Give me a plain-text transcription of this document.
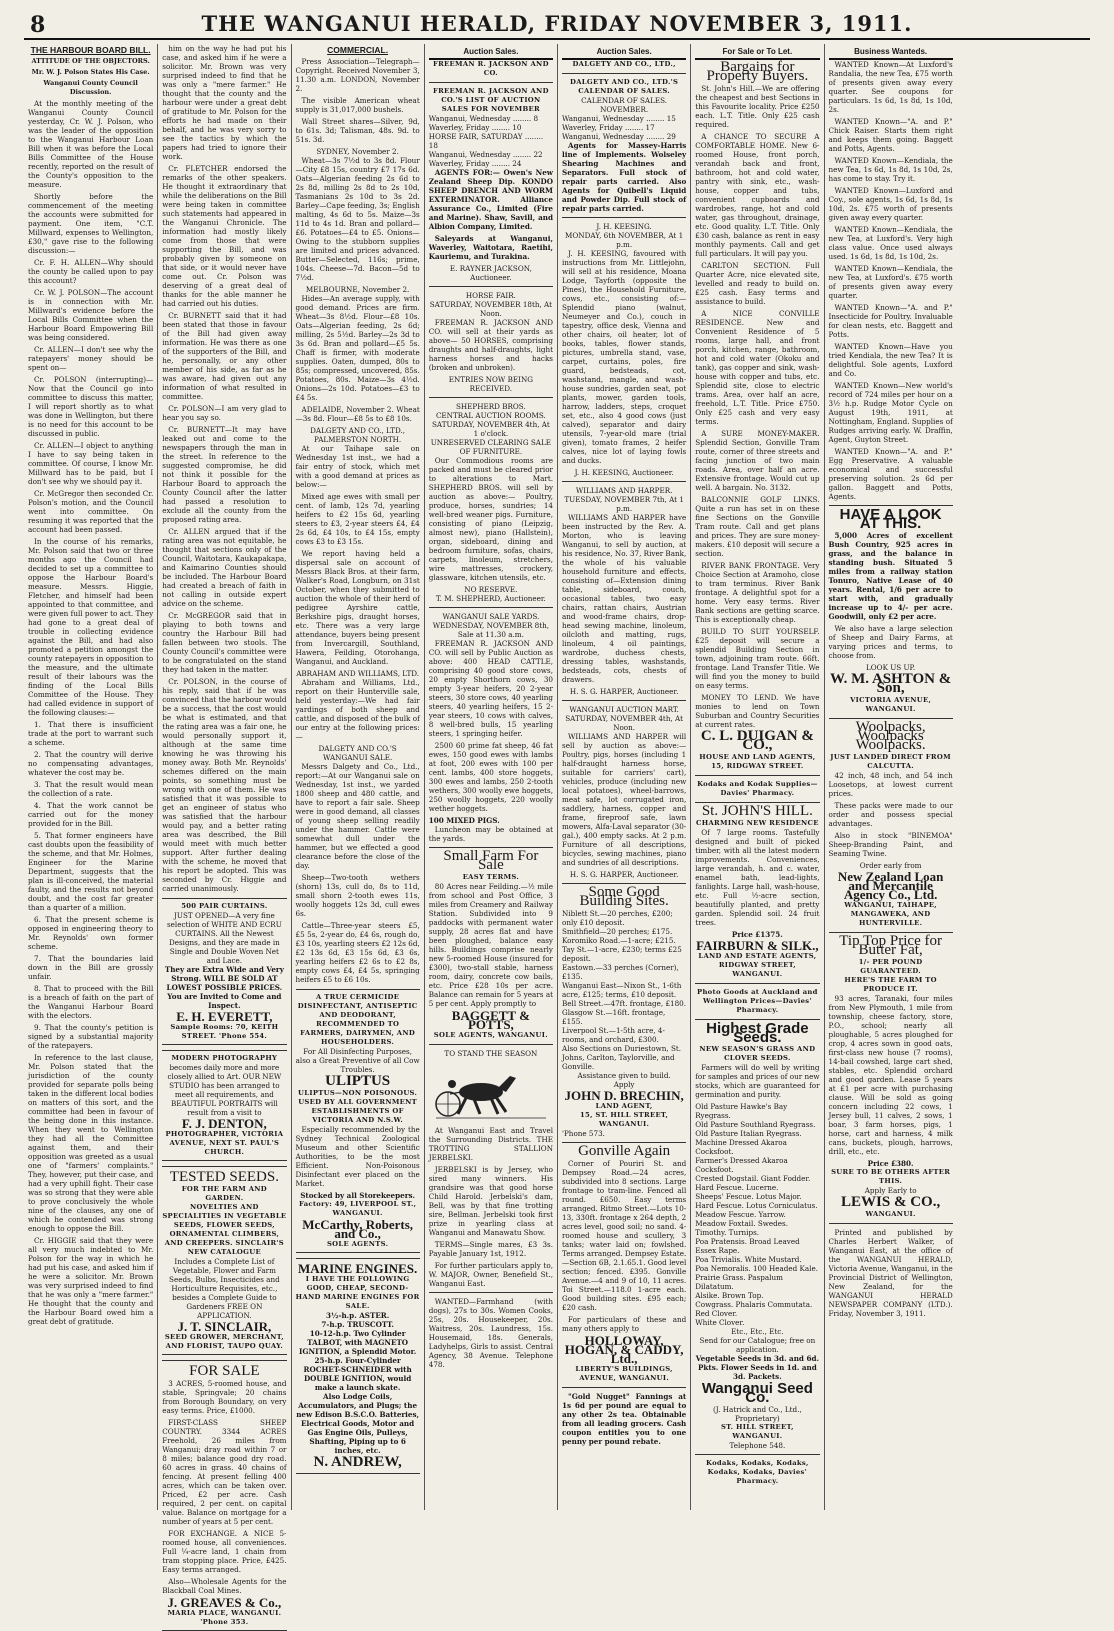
8	THE WANGANUI HERALD, FRIDAY NOVEMBER 3, 1911.
THE HARBOUR BOARD BILL.
ATTITUDE OF THE OBJECTORS.
Mr. W. J. Polson States His Case.
Wanganui County Council Discussion.

At the monthly meeting of the Wanganui County Council yesterday, Cr. W. J. Polson, who was the leader of the opposition to the Wanganui Harbour Loan Bill when it was before the Local Bills Committee of the House recently, reported on the result of the County's opposition to the measure.

Shortly before the commencement of the meeting the accounts were submitted for payment. One item, "C.T. Millward, expenses to Wellington, £30," gave rise to the following discussion:—

Cr. F. H. ALLEN—Why should the county be called upon to pay this account?

Cr. W. J. POLSON—The account is in connection with Mr. Millward's evidence before the Local Bills Committee when the Harbour Board Empowering Bill was being considered.

Cr. ALLEN—I don't see why the ratepayers' money should be spent on—

Cr. POLSON (interrupting)—Now that the Council go into committee to discuss this matter, I will report shortly as to what was done in Wellington, but there is no need for this account to be discussed in public.

Cr. ALLEN—I object to anything I have to say being taken in committee. Of course, I know Mr. Millward has to be paid, but I don't see why we should pay it.

Cr. McGregor then seconded Cr. Polson's motion, and the Council went into committee. On resuming it was reported that the account had been passed.

In the course of his remarks, Mr. Polson said that two or three months ago the Council had decided to set up a committee to oppose the Harbour Board's measure. Messrs. Higgie, Fletcher, and himself had been appointed to that committee, and were given full power to act. They had gone to a great deal of trouble in collecting evidence against the Bill, and had also promoted a petition amongst the county ratepayers in opposition to the measure, and the ultimate result of their labours was the finding of the Local Bills Committee of the House. They had called evidence in support of the following clauses:—

1. That there is insufficient trade at the port to warrant such a scheme.

2. That the country will derive no compensating advantages, whatever the cost may be.

3. That the result would mean the collection of a rate.

4. That the work cannot be carried out for the money provided for in the Bill.

5. That former engineers have cast doubts upon the feasibility of the scheme, and that Mr. Holmes, Engineer for the Marine Department, suggests that the plan is ill-conceived, the material faulty, and the results not beyond doubt, and the cost far greater than a quarter of a million.

6. That the present scheme is opposed in engineering theory to Mr. Reynolds' own former scheme.

7. That the boundaries laid down in the Bill are grossly unfair.

8. That to proceed with the Bill is a breach of faith on the part of the Wanganui Harbour Board with the electors.

9. That the county's petition is signed by a substantial majority of the ratepayers.

In reference to the last clause, Mr. Polson stated that the jurisdiction of the county provided for separate polls being taken in the different local bodies on matters of this sort, and the committee had been in favour of the being done in this instance. When they went to Wellington they had all the Committee against them, and their opposition was greeted as a usual one of "farmers' complaints." They, however, put their case, and had a very uphill fight. Their case was so strong that they were able to prove conclusively the whole nine of the clauses, any one of which he contended was strong enough to oppose the Bill.

Cr. HIGGIE said that they were all very much indebted to Mr. Polson for the way in which he had put his case, and asked him if he were a solicitor. Mr. Brown was very surprised indeed to find that he was only a "mere farmer." He thought that the county and the Harbour Board owed him a great debt of gratitude.

him on the way he had put his case, and asked him if he were a solicitor. Mr. Brown was very surprised indeed to find that he was only a "mere farmer." He thought that the county and the harbour were under a great debt of gratitude to Mr. Polson for the efforts he had made on their behalf, and he was very sorry to see the tactics by which the papers had tried to ignore their work.

Cr. FLETCHER endorsed the remarks of the other speakers. He thought it extraordinary that while the deliberations on the Bill were being taken in committee such statements had appeared in the Wanganui Chronicle. The information had mostly likely come from those that were supporting the Bill, and was probably given by someone on that side, or it would never have come out. Cr. Polson was deserving of a great deal of thanks for the able manner he had carried out his duties.

Cr. BURNETT said that it had been stated that those in favour of the Bill had given away information. He was there as one of the supporters of the Bill, and he, personally, or any other member of his side, as far as he was aware, had given out any information of what resulted in committee.

Cr. POLSON—I am very glad to hear you say so.

Cr. BURNETT—It may have leaked out and come to the newspapers through the man in the street. In reference to the suggested compromise, he did not think it possible for the Harbour Board to approach the County Council after the latter had passed a resolution to exclude all the county from the proposed rating area.

Cr. ALLEN argued that if the rating area was not equitable, he thought that sections only of the Council, Waitotara, Kaukapakapa, and Kaimarino Counties should be included. The Harbour Board had created a breach of faith in not calling in outside expert advice on the scheme.

Cr. McGREGOR said that in playing to both towns and country the Harbour Bill had fallen between two stools. The County Council's committee were to be congratulated on the stand they had taken in the matter.

Cr. POLSON, in the course of his reply, said that if he was convinced that the harbour would be a success, that the cost would be what is estimated, and that the rating area was a fair one, he would personally support it, although at the same time knowing he was throwing his money away. Both Mr. Reynolds' schemes differed on the main points, so something must be wrong with one of them. He was satisfied that it was possible to get an engineer of status who was satisfied that the harbour would pay, and a better rating area was described, the Bill would meet with much better support. After further dealing with the scheme, he moved that his report be adopted. This was seconded by Cr. Higgie and carried unanimously.

500 PAIR CURTAINS.
JUST OPENED—A very fine selection of WHITE AND ECRU CURTAINS. All the Newest Designs, and they are made in Single and Double Woven Net and Lace.
They are Extra Wide and Very Strong. WILL BE SOLD AT LOWEST POSSIBLE PRICES. You are Invited to Come and Inspect.
E. H. EVERETT,
Sample Rooms: 70, KEITH STREET. 'Phone 554.
MODERN PHOTOGRAPHY
becomes daily more and more closely allied to Art. OUR NEW STUDIO has been arranged to meet all requirements, and BEAUTIFUL PORTRAITS will result from a visit to
F. J. DENTON,
PHOTOGRAPHER, VICTORIA AVENUE, NEXT ST. PAUL'S CHURCH.
TESTED SEEDS.
FOR THE FARM AND GARDEN.
NOVELTIES AND SPECIALITIES IN VEGETABLE SEEDS, FLOWER SEEDS, ORNAMENTAL CLIMBERS, AND CREEPERS. SINCLAIR'S NEW CATALOGUE
Includes a Complete List of Vegetable, Flower and Farm Seeds, Bulbs, Insecticides and Horticulture Requisites, etc., besides a Complete Guide to Gardeners FREE ON APPLICATION.
J. T. SINCLAIR,
SEED GROWER, MERCHANT, AND FLORIST, TAUPO QUAY.
FOR SALE

3 ACRES, 5-roomed house, and stable, Springvale; 20 chains from Borough Boundary, on very easy terms. Price, £1000.

FIRST-CLASS SHEEP COUNTRY. 3344 ACRES Freehold, 26 miles from Wanganui; dray road within 7 or 8 miles; balance good dry road. 60 acres in grass. 40 chains of fencing. At present felling 400 acres, which can be taken over. Priced, £2 per acre. Cash required, 2 per cent. on capital value. Balance on mortgage for a number of years at 5 per cent.

FOR EXCHANGE. A NICE 5-roomed house, all conveniences. Full ¼-acre land, 1 chain from tram stopping place. Price, £425. Easy terms arranged.

Also—Wholesale Agents for the Blackball Coal Mines.

J. GREAVES & Co.,
MARIA PLACE, WANGANUI. 'Phone 353.
COMMERCIAL.

Press Association—Telegraph—Copyright. Received November 3, 11.30 a.m. LONDON, November 2.

The visible American wheat supply is 31,017,000 bushels.

Wall Street shares—Silver, 9d, to 61s. 3d; Talisman, 48s. 9d. to 51s. 3d.

SYDNEY, November 2.

Wheat—3s 7½d to 3s 8d. Flour—City £8 15s, country £7 17s 6d. Oats—Algerian feeding 2s 6d to 2s 8d, milling 2s 8d to 2s 10d, Tasmanians 2s 10d to 3s 2d. Barley—Cape feeding, 3s; English malting, 4s 6d to 5s. Maize—3s 11d to 4s 1d. Bran and pollard—£6. Potatoes—£4 to £5. Onions—Owing to the stubborn supplies are limited and prices advanced. Butter—Selected, 116s; prime, 104s. Cheese—7d. Bacon—5d to 7½d.

MELBOURNE, November 2.

Hides—An average supply, with good demand. Prices are firm. Wheat—3s 8½d. Flour—£8 10s. Oats—Algerian feeding, 2s 6d; milling, 2s 5½d. Barley—2s 3d to 3s 6d. Bran and pollard—£5 5s. Chaff is firmer, with moderate supplies. Oaten, dumped, 80s to 85s; compressed, uncovered, 85s. Potatoes, 80s. Maize—3s 4½d. Onions—2s 10d. Potatoes—£3 to £4 5s.

ADELAIDE, November 2. Wheat—3s 8d. Flour—£8 5s to £8 10s.

DALGETY AND CO., LTD., PALMERSTON NORTH.

At our Taihape sale on Wednesday 1st inst., we had a fair entry of stock, which met with a good demand at prices as below:—

Mixed age ewes with small per cent. of lamb, 12s 7d, yearling heifers to £2 15s 6d, yearling steers to £3, 2-year steers £4, £4 2s 6d, £4 10s, to £4 15s, empty cows £3 to £3 15s.

We report having held a dispersal sale on account of Messrs Black Bros. at their farm, Walker's Road, Longburn, on 31st October, when they submitted to auction the whole of their herd of pedigree Ayrshire cattle, Berkshire pigs, draught horses, etc. There was a very large attendance, buyers being present from Invercargill, Southland, Hawera, Feilding, Otorohanga, Wanganui, and Auckland.

ABRAHAM AND WILLIAMS, LTD.

Abraham and Williams, Ltd., report on their Hunterville sale, held yesterday:—We had fair yardings of both sheep and cattle, and disposed of the bulk of our entry at the following prices:—

DALGETY AND CO.'S WANGANUI SALE.

Messrs Dalgety and Co., Ltd., report:—At our Wanganui sale on Wednesday, 1st inst., we yarded 1800 sheep and 480 cattle, and have to report a fair sale. Sheep were in good demand, all classes of young sheep selling readily under the hammer. Cattle were somewhat dull under the hammer, but we effected a good clearance before the close of the day.

Sheep—Two-tooth wethers (shorn) 13s, cull do, 8s to 11d, small shorn 2-tooth ewes 11s, woolly hoggets 12s 3d, cull ewes 6s.

Cattle—Three-year steers £5, £5 5s, 2-year do, £4 6s, rough do, £3 10s, yearling steers £2 12s 6d, £2 13s 6d, £3 15s 6d, £3 6s, yearling heifers £2 6s to £2 8s, empty cows £4, £4 5s, springing heifers £5 to £6 10s.

A TRUE CERMICIDE DISINFECTANT, ANTISEPTIC AND DEODORANT,
RECOMMENDED TO FARMERS, DAIRYMEN, AND HOUSEHOLDERS.
For All Disinfecting Purposes, also a Great Preventive of all Cow Troubles.
ULIPTUS
ULIPTUS—NON POISONOUS. USED BY ALL GOVERNMENT ESTABLISHMENTS OF VICTORIA AND N.S.W.

Especially recommended by the Sydney Technical Zoological Museum and other Scientific Authorities, to be the most Efficient. Non-Poisonous Disinfectant ever placed on the Market.

Stocked by all Storekeepers.
Factory: 49, LIVERPOOL ST., WANGANUI.
McCarthy, Roberts, and Co.,
SOLE AGENTS.
MARINE ENGINES.
I HAVE THE FOLLOWING GOOD, CHEAP, SECOND-HAND MARINE ENGINES FOR SALE.
3½-h.p. ASTER.
7-h.p. TRUSCOTT.
10-12-h.p. Two Cylinder TALBOT, with MAGNETO IGNITION, a Splendid Motor.
25-h.p. Four-Cylinder ROCHET-SCHNEIDER with DOUBLE IGNITION, would make a launch skate.
Also Lodge Coils, Accumulators, and Plugs; the new Edison B.S.C.O. Batteries, Electrical Goods, Motor and Gas Engine Oils, Pulleys, Shafting, Piping up to 6 inches, etc.
N. ANDREW,
Auction Sales.
FREEMAN R. JACKSON AND CO.
FREEMAN R. JACKSON AND CO.'S LIST OF AUCTION SALES FOR NOVEMBER
Wanganui, Wednesday ........ 8
Waverley, Friday ........ 10
HORSE FAIR, SATURDAY ........ 18
Wanganui, Wednesday ........ 22
Waverley, Friday ........ 24

AGENTS FOR:— Owen's New Zealand Sheep Dip. KONDO SHEEP DRENCH AND WORM EXTERMINATOR. Alliance Assurance Co., Limited (Fire and Marine). Shaw, Savill, and Albion Company, Limited.

Saleyards at Wanganui, Waverley, Waitotara, Raetihi, Kauriemu, and Turakina.

E. RAYNER JACKSON, Auctioneer.
HORSE FAIR.
SATURDAY, NOVEMBER 18th, At Noon.

FREEMAN R. JACKSON AND CO. will sell at their yards as above— 50 HORSES, comprising draughts and half-draughts, light harness horses and hacks (broken and unbroken).

ENTRIES NOW BEING RECEIVED.
SHEPHERD BROS.
CENTRAL AUCTION ROOMS.
SATURDAY, NOVEMBER 4th, At 1 o'clock.
UNRESERVED CLEARING SALE OF FURNITURE.

Our Commodious rooms are packed and must be cleared prior to alterations to Mart. SHEPHERD BROS. will sell by auction as above:— Poultry, produce, horses, sundries; 14 well-bred weaner pigs. Furniture, consisting of piano (Leipzig, almost new), piano (Hallstein), organ, sideboard, dining and bedroom furniture, sofas, chairs, carpets, linoleum, stretchers, wire mattresses, crockery, glassware, kitchen utensils, etc.

NO RESERVE.
T. M. SHEPHERD, Auctioneer.
WANGANUI SALE YARDS.
WEDNESDAY, NOVEMBER 8th, Sale at 11.30 a.m.

FREEMAN R. JACKSON AND CO. will sell by Public Auction as above: 400 HEAD CATTLE, comprising 40 good store cows, 20 empty Shorthorn cows, 30 empty 3-year heifers, 20 2-year steers, 30 store cows, 40 yearling steers, 40 yearling heifers, 15 2-year steers, 10 cows with calves, 8 well-bred bulls, 15 yearling steers, 1 springing heifer.

2500 60 prime fat sheep, 46 fat ewes, 150 good ewes with lambs at foot, 200 ewes with 100 per cent. lambs, 400 store hoggets, 300 ewes and lambs, 250 2-tooth wethers, 300 woolly ewe hoggets, 250 woolly hoggets, 220 woolly wether hoggets.

100 MIXED PIGS.

Luncheon may be obtained at the yards.

Small Farm For Sale
EASY TERMS.

80 Acres near Feilding.—½ mile from school and Post Office, 3 miles from Creamery and Railway Station. Subdivided into 9 paddocks with permanent water supply, 28 acres flat and have been ploughed, balance easy hills. Buildings comprise nearly new 5-roomed House (insured for £300), two-stall stable, harness room, dairy, concrete cow bails, etc. Price £28 10s per acre. Balance can remain for 5 years at 5 per cent. Apply promptly to

BAGGETT & POTTS,
SOLE AGENTS, WANGANUI.
TO STAND THE SEASON

At Wanganui East and Travel the Surrounding Districts. THE TROTTING STALLION JERBELSKI.

JERBELSKI is by Jersey, who sired many winners. His grandsire was that good horse Child Harold. Jerbelski's dam, Bell, was by that fine trotting sire, Bellman. Jerbelski took first prize in yearling class at Wanganui and Manawatu Show.

TERMS—Single mares, £3 3s. Payable January 1st, 1912.

For further particulars apply to, W. MAJOR, Owner, Benefield St., Wanganui East.

WANTED—Farmhand (with dogs), 27s to 30s. Women Cooks, 25s, 20s. Housekeeper, 20s. Waitress, 20s. Laundress, 15s. Housemaid, 18s. Generals, Ladyhelps, Girls to assist. Central Agency, 38 Avenue. Telephone 478.

Auction Sales.
DALGETY AND CO., LTD.,
DALGETY AND CO., LTD.'S CALENDAR OF SALES.
CALENDAR OF SALES. NOVEMBER.
Wanganui, Wednesday ........ 15
Waverley, Friday ........ 17
Wanganui, Wednesday ........ 29

Agents for Massey-Harris line of Implements. Wolseley Shearing Machines and Separators. Full stock of repair parts carried. Also Agents for Quibell's Liquid and Powder Dip. Full stock of repair parts carried.

J. H. KEESING.
MONDAY, 6th NOVEMBER, At 1 p.m.

J. H. KEESING, favoured with instructions from Mr. Littlejohn, will sell at his residence, Moana Lodge, Tayforth (opposite the Pines), the Household Furniture, cows, etc., consisting of:—Splendid piano (walnut, Neumeyer and Co.), couch in tapestry, office desk, Vienna and other chairs, oil heater, lot of books, tables, flower stands, pictures, umbrella stand, vase, carpet, curtains, poles, fire guard, bedsteads, cot, washstand, mangle, and wash-house sundries, garden seat, pot plants, mower, garden tools, harrow, ladders, steps, croquet set, etc., also 4 good cows (just calved), separator and dairy utensils, 7-year-old mare (trial given), tomato frames, 2 heifer calves, nice lot of laying fowls and ducks.

J. H. KEESING, Auctioneer.
WILLIAMS AND HARPER.
TUESDAY, NOVEMBER 7th, At 1 p.m.

WILLIAMS AND HARPER have been instructed by the Rev. A. Morton, who is leaving Wanganui, to sell by auction, at his residence, No. 37, River Bank, the whole of his valuable household furniture and effects, consisting of—Extension dining table, sideboard, couch, occasional tables, two easy chairs, rattan chairs, Austrian and wood-frame chairs, drop-head sewing machine, linoleum, oilcloth and matting, rugs, linoleum, 4 oil paintings, wardrobe, duchess chests, dressing tables, washstands, bedsteads, cots, chests of drawers.

H. S. G. HARPER, Auctioneer.
WANGANUI AUCTION MART.
SATURDAY, NOVEMBER 4th, At Noon.

WILLIAMS AND HARPER will sell by auction as above:— Poultry, pigs, horses (including 1 half-draught harness horse, suitable for carriers' cart), vehicles, produce (including new local potatoes), wheel-barrows, meat safe, lot corrugated iron, saddlery, harness, copper and frame, fireproof safe, lawn mowers, Alfa-Laval separator (30-gal.), 400 empty sacks. At 2 p.m. Furniture of all descriptions, bicycles, sewing machines, piano and sundries of all descriptions.

H. S. G. HARPER, Auctioneer.
Some Good Building Sites.
Niblett St.—20 perches, £200; only £10 deposit.
Smithfield—20 perches; £175.
Koromiko Road.—1-acre; £215.
Tay St.—1-acre, £230; terms £25 deposit.
Eastown.—33 perches (Corner), £135.
Wanganui East—Nixon St., 1-6th acre, £125; terms, £10 deposit.
Bell Street.—47ft. frontage, £180.
Glasgow St.—16ft. frontage, £155.
Liverpool St.—1-5th acre, 4-rooms, and orchard, £300.
Also Sections on Duriestown, St. Johns, Carlton, Taylorville, and Gonville.
Assistance given to build.
Apply
JOHN D. BRECHIN,
LAND AGENT,
15, ST. HILL STREET, WANGANUI.
'Phone 573.
Gonville Again

Corner of Pouriri St. and Dempsey Road.—24 acres, subdivided into 8 sections. Large frontage to tram-line. Fenced all round. £650. Easy terms arranged. Ritmo Street.—Lots 10-13, 330ft. frontage x 264 depth, 2 acres level, good soil; no sand. 4-roomed house and scullery, 3 tanks; water laid on; fowlshed. Terms arranged. Dempsey Estate.—Section 6B, 2.1.65.1. Good level section; fenced. £395. Gonville Avenue.—4 and 9 of 10, 11 acres. Toi Street.—118.0 1-acre each. Good building sites. £95 each; £20 cash.

For particulars of these and many others apply to

HOLLOWAY, HOGAN, & CADDY, Ltd.,
LIBERTY'S BUILDINGS, AVENUE, WANGANUI.

"Gold Nugget" Fannings at 1s 6d per pound are equal to any other 2s tea. Obtainable from all leading grocers. Cash coupon entitles you to one penny per pound rebate.

For Sale or To Let.
Bargains for Property Buyers.

St. John's Hill.—We are offering the cheapest and best Sections in this Favourite locality. Price £250 each. L.T. Title. Only £25 cash required.

A CHANCE TO SECURE A COMFORTABLE HOME. New 6-roomed House, front porch, verandah back and front, bathroom, hot and cold water, pantry with sink, etc., wash-house, copper and tubs, convenient cupboards and wardrobes, range, hot and cold water, gas throughout, drainage, etc. Good quality. L.T. Title. Only £30 cash, balance as rent in easy monthly payments. Call and get full particulars. It will pay you.

CARLTON SECTION. Full Quarter Acre, nice elevated site, levelled and ready to build on. £25 cash. Easy terms and assistance to build.

A NICE CONVILLE RESIDENCE. New and Convenient Residence of 5 rooms, large hall, and front porch, kitchen, range, bathroom, hot and cold water (Okoku and tank), gas copper and sink, wash-house with copper and tubs, etc. Splendid site, close to electric trams. Area, over half an acre, freehold, L.T. Title. Price £750. Only £25 cash and very easy terms.

A SURE MONEY-MAKER. Splendid Section, Gonville Tram route, corner of three streets and facing junction of two main roads. Area, over half an acre. Extensive frontage. Would cut up well. A bargain. No. 3132.

BALCONNIE GOLF LINKS. Quite a run has set in on these fine Sections on the Gonville Tram route. Call and get plans and prices. They are sure money-makers. £10 deposit will secure a section.

RIVER BANK FRONTAGE. Very Choice Section at Aramoho, close to tram terminus. River Bank frontage. A delightful spot for a home. Very easy terms. River Bank sections are getting scarce. This is exceptionally cheap.

BUILD TO SUIT YOURSELF. £25 deposit will secure a splendid Building Section in town, adjoining tram route. 66ft. frontage. Land Transfer Title. We will find you the money to build on easy terms.

MONEY TO LEND. We have monies to lend on Town Suburban and Country Securities at current rates.

C. L. DUIGAN & CO.,
HOUSE AND LAND AGENTS, 15, RIDGWAY STREET.
Kodaks and Kodak Supplies—Davies' Pharmacy.
St. JOHN'S HILL.
CHARMING NEW RESIDENCE

Of 7 large rooms. Tastefully designed and built of picked timber, with all the latest modern improvements. Conveniences, large verandah, h. and c. water, enamel bath, lead-lights, fanlights. Large hall, wash-house, etc. Full ½-acre section, beautifully planted, and pretty garden. Splendid soil. 24 fruit trees.

Price £1375.
FAIRBURN & SILK.,
LAND AND ESTATE AGENTS,
RIDGWAY STREET, WANGANUI.
Photo Goods at Auckland and Wellington Prices—Davies' Pharmacy.
Highest Grade Seeds.
NEW SEASON'S GRASS AND CLOVER SEEDS.

Farmers will do well by writing for samples and prices of our new stocks, which are guaranteed for germination and purity.

Old Pasture Hawke's Bay Ryegrass.
Old Pasture Southland Ryegrass.
Old Pasture Italian Ryegrass.
Machine Dressed Akaroa Cocksfoot.
Farmer's Dressed Akaroa Cocksfoot.
Crested Dogstail. Giant Fodder.
Hard Fescue. Lucerne.
Sheeps' Fescue. Lotus Major.
Hard Fescue. Lotus Corniculatus.
Meadow Fescue. Yarrow.
Meadow Foxtail. Swedes.
Timothy. Turnips.
Poa Pratensis. Broad Leaved Essex Rape.
Poa Trivialis. White Mustard.
Poa Nemoralis. 100 Headed Kale.
Prairie Grass. Paspalum Dilatatum.
Alsike. Brown Top.
Cowgrass. Phalaris Commutata.
Red Clover.
White Clover.
Etc., Etc., Etc.
Send for our Catalogue; free on application.
Vegetable Seeds in 3d. and 6d. Pkts. Flower Seeds in 1d. and 3d. Packets.
Wanganui Seed Co.
(J. Hatrick and Co., Ltd., Proprietary)
ST. HILL STREET, WANGANUI.
Telephone 548.
Kodaks, Kodaks, Kodaks, Kodaks, Kodaks, Davies' Pharmacy.
Business Wanteds.

WANTED Known—At Luxford's Randalia, the new Tea, £75 worth of presents given away every quarter. See coupons for particulars. 1s 6d, 1s 8d, 1s 10d, 2s.

WANTED Known—"A. and P." Chick Raiser. Starts them right and keeps them going. Baggett and Potts, Agents.

WANTED Known—Kendiala, the new Tea, 1s 6d, 1s 8d, 1s 10d, 2s, has come to stay. Try it.

WANTED Known—Luxford and Coy., sole agents, 1s 6d, 1s 8d, 1s 10d, 2s. £75 worth of presents given away every quarter.

WANTED Known—Kendiala, the new Tea, at Luxford's. Very high class value. Once used always used. 1s 6d, 1s 8d, 1s 10d, 2s.

WANTED Known—Kendiala, the new Tea, at Luxford's. £75 worth of presents given away every quarter.

WANTED Known—"A. and P." Insecticide for Poultry. Invaluable for clean nests, etc. Baggett and Potts.

WANTED Known—Have you tried Kendiala, the new Tea? It is delightful. Sole agents, Luxford and Co.

WANTED Known—New world's record of 724 miles per hour on a 3½ h.p. Rudge Motor Cycle on August 19th, 1911, at Nottingham, England. Supplies of Rudges arriving early. W. Draffin, Agent, Guyton Street.

WANTED Known—"A. and P." Egg Preservative. A valuable economical and successful preserving solution. 2s 6d per gallon. Baggett and Potts, Agents.

HAVE A LOOK AT THIS.

5,000 Acres of excellent Bush Country, 925 acres in grass, and the balance in standing bush. Situated 5 miles from a railway station Tonuro, Native Lease of 40 years. Rental, 1/6 per acre to start with, and gradually increase up to 4/- per acre. Goodwill, only £2 per acre.

We also have a large selection of Sheep and Dairy Farms, at varying prices and terms, to choose from.

LOOK US UP.
W. M. ASHTON & Son,
VICTORIA AVENUE, WANGANUI.
Woolpacks, Woolpacks Woolpacks.
JUST LANDED DIRECT FROM CALCUTTA.

42 inch, 48 inch, and 54 inch Loosetops, at lowest current prices.

These packs were made to our order and possess special advantages.

Also in stock "BINEMOA" Sheep-Branding Paint, and Seaming Twine.

Order early from
New Zealand Loan and Mercantile Agency Co., Ltd.
WANGANUI, TAIHAPE, MANGAWEKA, AND HUNTERVILLE.
Tip Top Price for Butter Fat,
1/- PER POUND GUARANTEED.
HERE'S THE FARM TO PRODUCE IT.

93 acres, Taranaki, four miles from New Plymouth, 1 mile from township, cheese factory, store, P.O., school; nearly all ploughable, 5 acres ploughed for crop, 4 acres sown in good oats, first-class new house (7 rooms), 14-bail cowshed, large cart shed, stables, etc. Splendid orchard and good garden. Lease 5 years at £1 per acre with purchasing clause. Will be sold as going concern including 22 cows, 1 Jersey bull, 11 calves, 2 sows, 1 boar, 3 farm horses, pigs, 1 horse, cart and harness, 4 milk cans, buckets, plough, harrows, drill, etc., etc.

Price £380.
SURE TO BE OTHERS AFTER THIS.
Apply Early to
LEWIS & CO.,
WANGANUI.

Printed and published by Charles Herbert Walker, of Wanganui East, at the office of the WANGANUI HERALD, Victoria Avenue, Wanganui, in the Provincial District of Wellington, New Zealand, for the WANGANUI HERALD NEWSPAPER COMPANY (LTD.). Friday, November 3, 1911.
